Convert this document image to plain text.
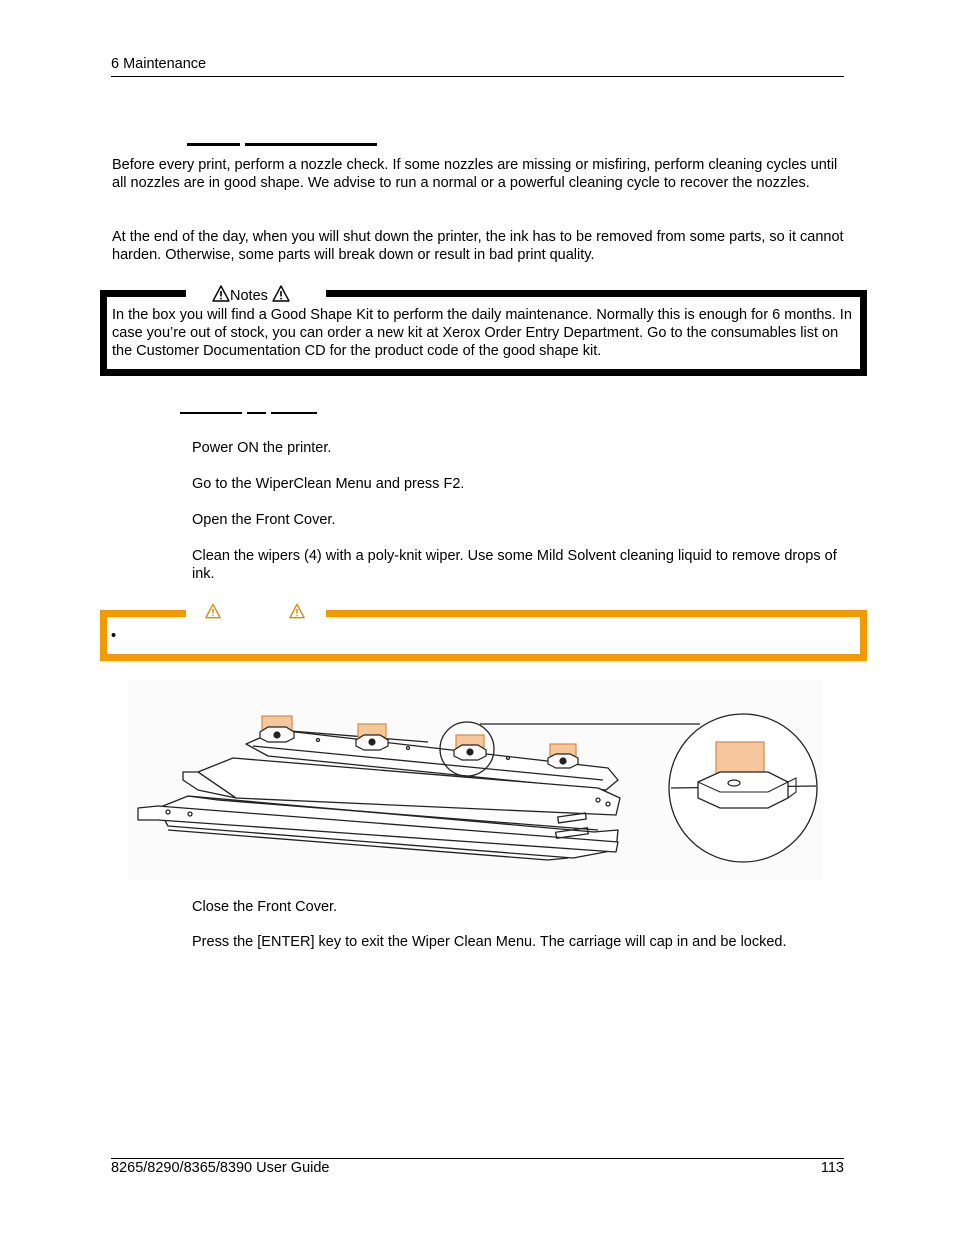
6 Maintenance
Before every print, perform a nozzle check. If some nozzles are missing or misfiring, perform cleaning cycles until all nozzles are in good shape. We advise to run a normal or a powerful cleaning cycle to recover the nozzles.
At the end of the day, when you will shut down the printer, the ink has to be removed from some parts, so it cannot harden. Otherwise, some parts will break down or result in bad print quality.
Notes
In the box you will find a Good Shape Kit to perform the daily maintenance. Normally this is enough for 6 months. In case you’re out of stock, you can order a new kit at Xerox Order Entry Department. Go to the consumables list on the Customer Documentation CD for the product code of the good shape kit.
Power ON the printer.
Go to the WiperClean Menu and press F2.
Open the Front Cover.
Clean the wipers (4) with a poly-knit wiper. Use some Mild Solvent cleaning liquid to remove drops of ink.
•
Close the Front Cover.
Press the [ENTER] key to exit the Wiper Clean Menu. The carriage will cap in and be locked.
8265/8290/8365/8390 User Guide	113
